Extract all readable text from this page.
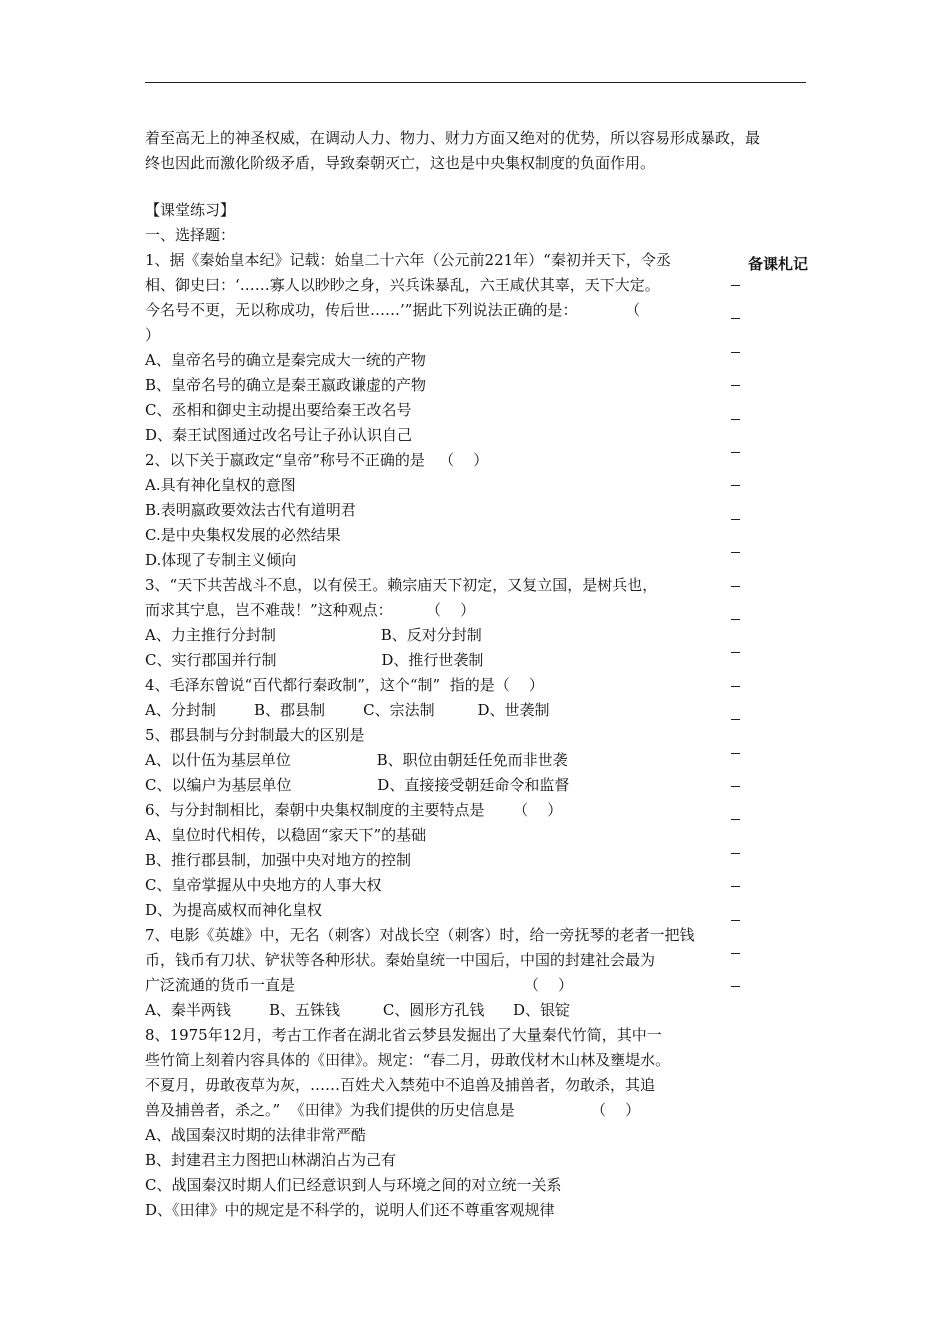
备课札记

着至高无上的神圣权威，在调动人力、物力、财力方面又绝对的优势，所以容易形成暴政，最

终也因此而激化阶级矛盾，导致秦朝灭亡，这也是中央集权制度的负面作用。

【课堂练习】

一、选择题：

1、据《秦始皇本纪》记载：始皇二十六年（公元前221年）“秦初并天下，令丞

相、御史曰：‘……寡人以眇眇之身，兴兵诛暴乱，六王咸伏其辜，天下大定。

今名号不更，无以称成功，传后世……’”据此下列说法正确的是：          （

）

A、皇帝名号的确立是秦完成大一统的产物

B、皇帝名号的确立是秦王嬴政谦虚的产物

C、丞相和御史主动提出要给秦王改名号

D、秦王试图通过改名号让子孙认识自己

2、以下关于嬴政定“皇帝”称号不正确的是   （    ）

A.具有神化皇权的意图

B.表明嬴政要效法古代有道明君

C.是中央集权发展的必然结果

D.体现了专制主义倾向

3、“天下共苦战斗不息，以有侯王。赖宗庙天下初定，又复立国，是树兵也，

而求其宁息，岂不难哉！”这种观点：       （    ）

A、力主推行分封制                      B、反对分封制

C、实行郡国并行制                      D、推行世袭制

4、毛泽东曾说“百代都行秦政制”，这个“制”  指的是（    ）

A、分封制        B、郡县制        C、宗法制         D、世袭制

5、郡县制与分封制最大的区别是

A、以什伍为基层单位                  B、职位由朝廷任免而非世袭

C、以编户为基层单位                  D、直接接受朝廷命令和监督

6、与分封制相比，秦朝中央集权制度的主要特点是      （    ）

A、皇位时代相传，以稳固“家天下”的基础

B、推行郡县制，加强中央对地方的控制

C、皇帝掌握从中央地方的人事大权

D、为提高威权而神化皇权

7、电影《英雄》中，无名（刺客）对战长空（刺客）时，给一旁抚琴的老者一把钱

币，钱币有刀状、铲状等各种形状。秦始皇统一中国后，中国的封建社会最为

广泛流通的货币一直是                                                （    ）

A、秦半两钱        B、五铢钱         C、圆形方孔钱      D、银锭

8、1975年12月，考古工作者在湖北省云梦县发掘出了大量秦代竹简，其中一

些竹简上刻着内容具体的《田律》。规定：“春二月，毋敢伐材木山林及壅堤水。

不夏月，毋敢夜草为灰，……百姓犬入禁苑中不追兽及捕兽者，勿敢杀，其追

兽及捕兽者，杀之。”  《田律》为我们提供的历史信息是                （    ）

A、战国秦汉时期的法律非常严酷

B、封建君主力图把山林湖泊占为己有

C、战国秦汉时期人们已经意识到人与环境之间的对立统一关系

D、《田律》中的规定是不科学的，说明人们还不尊重客观规律
